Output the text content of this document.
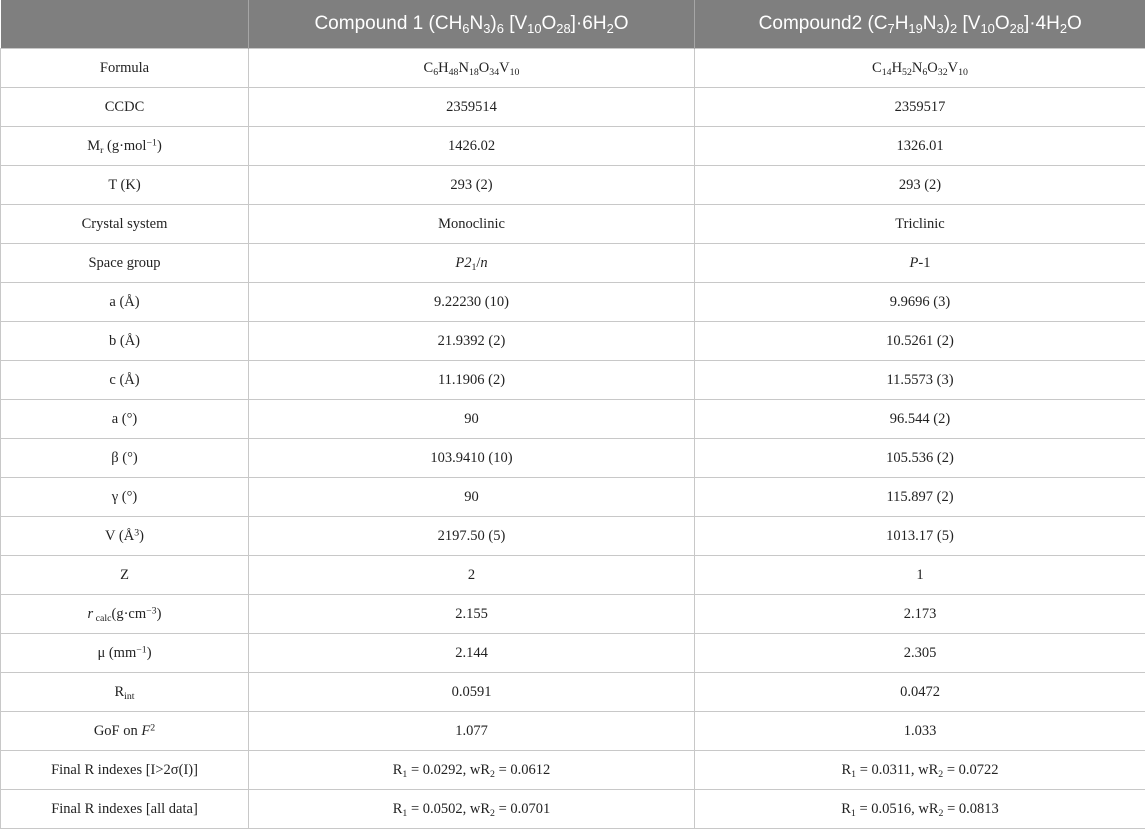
	Compound 1 $(CH_6N_3)_6$ $[V_{10}O_{28}]\cdot 6H_2O$	Compound2 $(C_7H_{19}N_3)_2$ $[V_{10}O_{28}]\cdot 4H_2O$
Formula	$C_6H_{48}N_{18}O_{34}V_{10}$	$C_{14}H_{52}N_6O_{32}V_{10}$
CCDC	2359514	2359517
$M_r$ (g·mol$^{-1}$)	1426.02	1326.01
T (K)	293 (2)	293 (2)
Crystal system	Monoclinic	Triclinic
Space group	$P2_1/n$	P-1
a (Å)	9.22230 (10)	9.9696 (3)
b (Å)	21.9392 (2)	10.5261 (2)
c (Å)	11.1906 (2)	11.5573 (3)
a (°)	90	96.544 (2)
β (°)	103.9410 (10)	105.536 (2)
γ (°)	90	115.897 (2)
V $(Å^3)$	2197.50 (5)	1013.17 (5)
Z	2	1
r $_{calc}(g\cdot cm^{-3})$	2.155	2.173
μ $(mm^{-1})$	2.144	2.305
$R_{int}$	0.0591	0.0472
GoF on $F^2$	1.077	1.033
Final R indexes [I>2σ(I)]	$R_1 = 0.0292$, $wR_2 = 0.0612$	$R_1 = 0.0311$, $wR_2 = 0.0722$
Final R indexes [all data]	$R_1 = 0.0502$, $wR_2 = 0.0701$	$R_1 = 0.0516$, $wR_2 = 0.0813$
